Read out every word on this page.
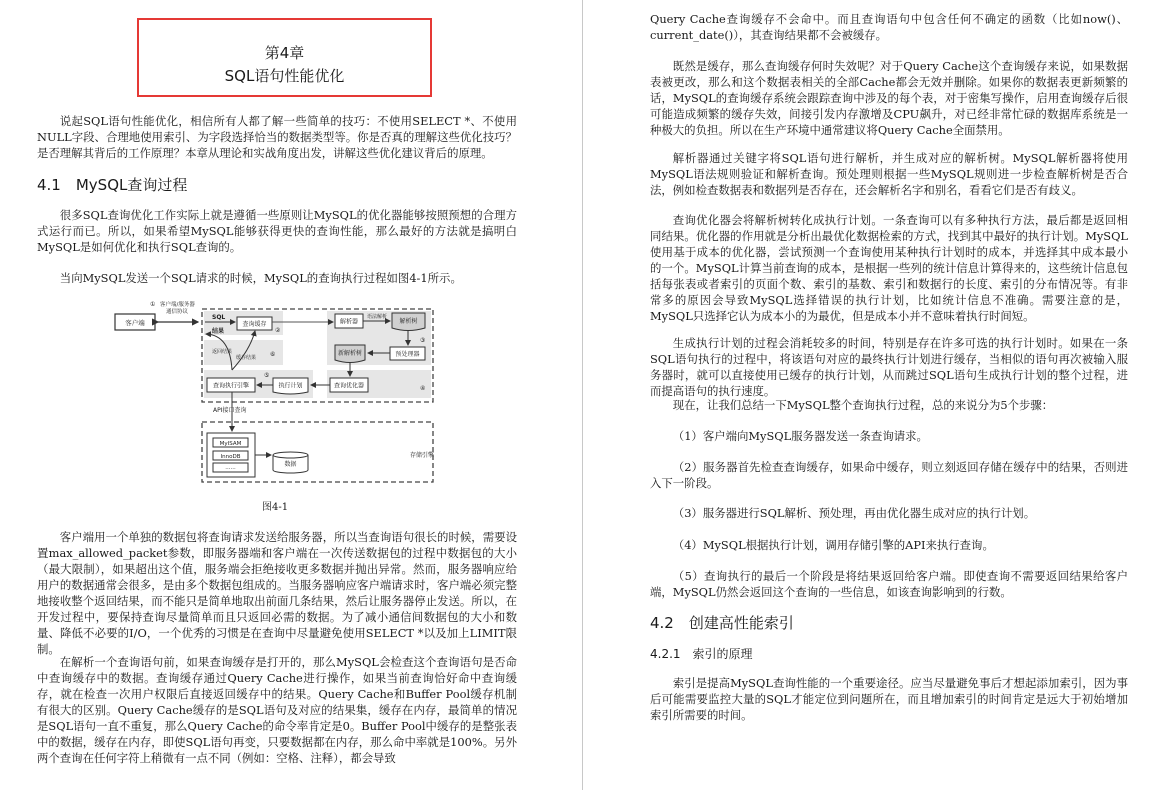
第4章
SQL语句性能优化

说起SQL语句性能优化，相信所有人都了解一些简单的技巧：不使用SELECT *、不使用NULL字段、合理地使用索引、为字段选择恰当的数据类型等。你是否真的理解这些优化技巧？是否理解其背后的工作原理？本章从理论和实战角度出发，讲解这些优化建议背后的原理。

4.1　MySQL查询过程

很多SQL查询优化工作实际上就是遵循一些原则让MySQL的优化器能够按照预想的合理方式运行而已。所以，如果希望MySQL能够获得更快的查询性能，那么最好的方法就是搞明白MySQL是如何优化和执行SQL查询的。

当向MySQL发送一个SQL请求的时候，MySQL的查询执行过程如图4-1所示。

客户端
① 客户端/服务器
通信协议
SQL
查询缓存
②
结果
返回结果
缓存结果 ⑥
解析器
语法解析
解析树
③
预处理器
新解析树
查询优化器	④
执行计划
⑤
查询执行引擎
API接口查询
MyISAM
InnoDB
......	数据
存储引擎
图4-1

客户端用一个单独的数据包将查询请求发送给服务器，所以当查询语句很长的时候，需要设置max_allowed_packet参数，即服务器端和客户端在一次传送数据包的过程中数据包的大小（最大限制），如果超出这个值，服务端会拒绝接收更多数据并抛出异常。然而，服务器响应给用户的数据通常会很多，是由多个数据包组成的。当服务器响应客户端请求时，客户端必须完整地接收整个返回结果，而不能只是简单地取出前面几条结果，然后让服务器停止发送。所以，在开发过程中，要保持查询尽量简单而且只返回必需的数据。为了减小通信间数据包的大小和数量、降低不必要的I/O，一个优秀的习惯是在查询中尽量避免使用SELECT *以及加上LIMIT限制。

在解析一个查询语句前，如果查询缓存是打开的，那么MySQL会检查这个查询语句是否命中查询缓存中的数据。查询缓存通过Query Cache进行操作，如果当前查询恰好命中查询缓存，就在检查一次用户权限后直接返回缓存中的结果。Query Cache和Buffer Pool缓存机制有很大的区别。Query Cache缓存的是SQL语句及对应的结果集，缓存在内存，最简单的情况是SQL语句一直不重复，那么Query Cache的命令率肯定是0。Buffer Pool中缓存的是整张表中的数据，缓存在内存，即使SQL语句再变，只要数据都在内存，那么命中率就是100%。另外两个查询在任何字符上稍微有一点不同（例如：空格、注释），都会导致

Query Cache查询缓存不会命中。而且查询语句中包含任何不确定的函数（比如now()、current_date()），其查询结果都不会被缓存。

既然是缓存，那么查询缓存何时失效呢？对于Query Cache这个查询缓存来说，如果数据表被更改，那么和这个数据表相关的全部Cache都会无效并删除。如果你的数据表更新频繁的话，MySQL的查询缓存系统会跟踪查询中涉及的每个表，对于密集写操作，启用查询缓存后很可能造成频繁的缓存失效，间接引发内存激增及CPU飙升，对已经非常忙碌的数据库系统是一种极大的负担。所以在生产环境中通常建议将Query Cache全面禁用。

解析器通过关键字将SQL语句进行解析，并生成对应的解析树。MySQL解析器将使用MySQL语法规则验证和解析查询。预处理则根据一些MySQL规则进一步检查解析树是否合法，例如检查数据表和数据列是否存在，还会解析名字和别名，看看它们是否有歧义。

查询优化器会将解析树转化成执行计划。一条查询可以有多种执行方法，最后都是返回相同结果。优化器的作用就是分析出最优化数据检索的方式，找到其中最好的执行计划。MySQL使用基于成本的优化器，尝试预测一个查询使用某种执行计划时的成本，并选择其中成本最小的一个。MySQL计算当前查询的成本，是根据一些列的统计信息计算得来的，这些统计信息包括每张表或者索引的页面个数、索引的基数、索引和数据行的长度、索引的分布情况等。有非常多的原因会导致MySQL选择错误的执行计划，比如统计信息不准确。需要注意的是，MySQL只选择它认为成本小的为最优，但是成本小并不意味着执行时间短。

生成执行计划的过程会消耗较多的时间，特别是存在许多可选的执行计划时。如果在一条SQL语句执行的过程中，将该语句对应的最终执行计划进行缓存，当相似的语句再次被输入服务器时，就可以直接使用已缓存的执行计划，从而跳过SQL语句生成执行计划的整个过程，进而提高语句的执行速度。

现在，让我们总结一下MySQL整个查询执行过程，总的来说分为5个步骤：

（1）客户端向MySQL服务器发送一条查询请求。

（2）服务器首先检查查询缓存，如果命中缓存，则立刻返回存储在缓存中的结果，否则进入下一阶段。

（3）服务器进行SQL解析、预处理，再由优化器生成对应的执行计划。

（4）MySQL根据执行计划，调用存储引擎的API来执行查询。

（5）查询执行的最后一个阶段是将结果返回给客户端。即使查询不需要返回结果给客户端，MySQL仍然会返回这个查询的一些信息，如该查询影响到的行数。

4.2　创建高性能索引
4.2.1　索引的原理

索引是提高MySQL查询性能的一个重要途径。应当尽量避免事后才想起添加索引，因为事后可能需要监控大量的SQL才能定位到问题所在，而且增加索引的时间肯定是远大于初始增加索引所需要的时间。
